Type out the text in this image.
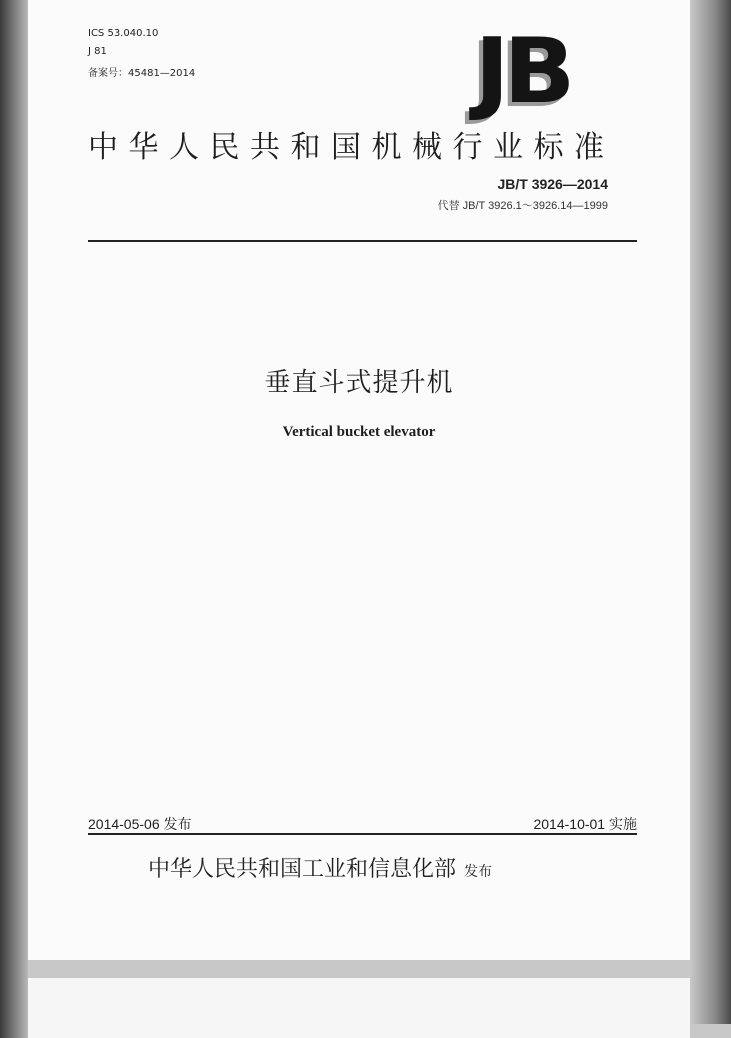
ICS 53.040.10
J 81
备案号：45481—2014	JB
中华人民共和国机械行业标准
JB/T 3926—2014
代替 JB/T 3926.1～3926.14—1999
垂直斗式提升机
Vertical bucket elevator
2014-05-06 发布	2014-10-01 实施
中华人民共和国工业和信息化部 发布
